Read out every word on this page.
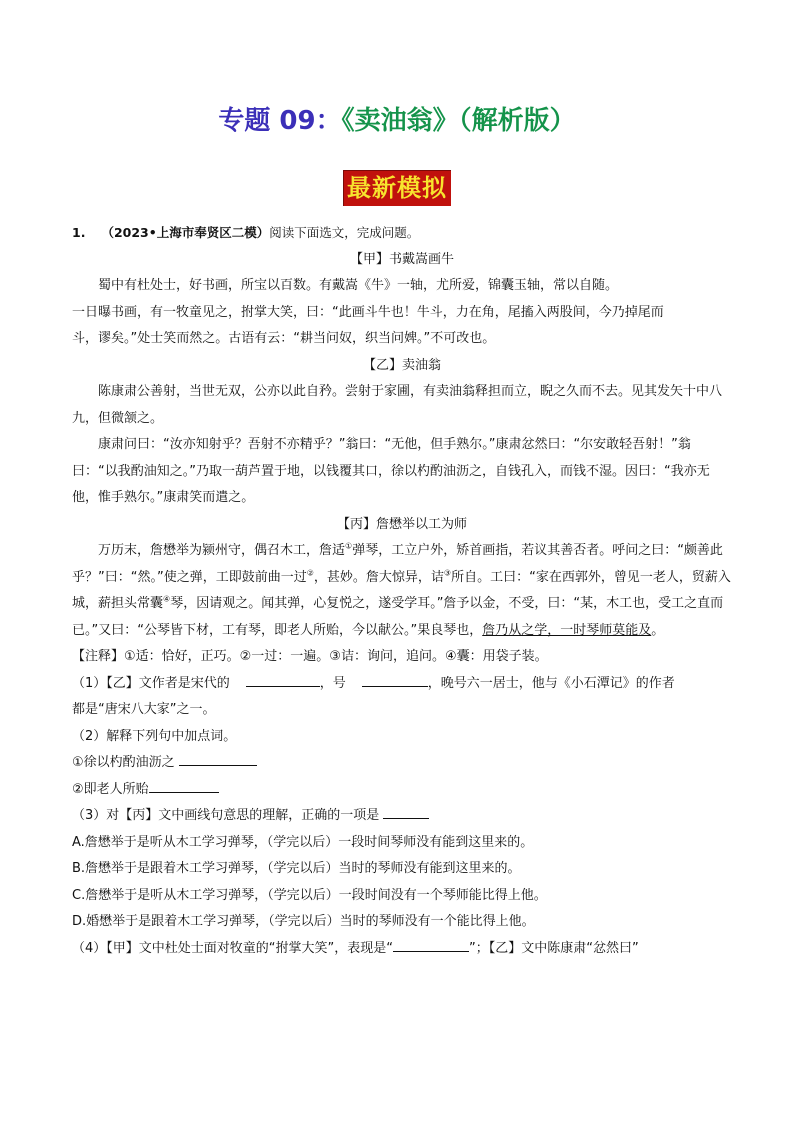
专题 09：《卖油翁》（解析版）
最新模拟

1. （2023•上海市奉贤区二模）阅读下面选文，完成问题。

【甲】书戴嵩画牛

蜀中有杜处士，好书画，所宝以百数。有戴嵩《牛》一轴，尤所爱，锦囊玉轴，常以自随。

一日曝书画，有一牧童见之，拊掌大笑，曰：“此画斗牛也！牛斗，力在角，尾搐入两股间，今乃掉尾而

斗，谬矣。”处士笑而然之。古语有云：“耕当问奴，织当问婢。”不可改也。

【乙】卖油翁

陈康肃公善射，当世无双，公亦以此自矜。尝射于家圃，有卖油翁释担而立，睨之久而不去。见其发矢十中八九，但微颔之。

康肃问曰：“汝亦知射乎？吾射不亦精乎？”翁曰：“无他，但手熟尔。”康肃忿然曰：“尔安敢轻吾射！”翁曰：“以我酌油知之。”乃取一葫芦置于地，以钱覆其口，徐以杓酌油沥之，自钱孔入，而钱不湿。因曰：“我亦无他，惟手熟尔。”康肃笑而遣之。

【丙】詹懋举以工为师

万历末，詹懋举为颍州守，偶召木工，詹适①弹琴，工立户外，矫首画指，若议其善否者。呼问之曰：“颇善此乎？”曰：“然。”使之弹，工即鼓前曲一过②，甚妙。詹大惊异，诘③所自。工曰：“家在西郭外，曾见一老人，贸薪入城，薪担头常囊④琴，因请观之。闻其弹，心复悦之，遂受学耳。”詹予以金，不受，曰：“某，木工也，受工之直而已。”又曰：“公琴皆下材，工有琴，即老人所贻，今以献公。”果良琴也，詹乃从之学，一时琴师莫能及。

【注释】①适：恰好，正巧。②一过：一遍。③诘：询问，追问。④囊：用袋子装。

（1）【乙】文作者是宋代的	，号	，晚号六一居士，他与《小石潭记》的作者

都是“唐宋八大家”之一。

（2）解释下列句中加点词。

①徐以杓酌油沥之

②即老人所贻

（3）对【丙】文中画线句意思的理解，正确的一项是

A.詹懋举于是听从木工学习弹琴，（学完以后）一段时间琴师没有能到这里来的。

B.詹懋举于是跟着木工学习弹琴，（学完以后）当时的琴师没有能到这里来的。

C.詹懋举于是听从木工学习弹琴，（学完以后）一段时间没有一个琴师能比得上他。

D.婚懋举于是跟着木工学习弹琴，（学完以后）当时的琴师没有一个能比得上他。

（4）【甲】文中杜处士面对牧童的“拊掌大笑”，表现是“	”；【乙】文中陈康肃“忿然曰”
